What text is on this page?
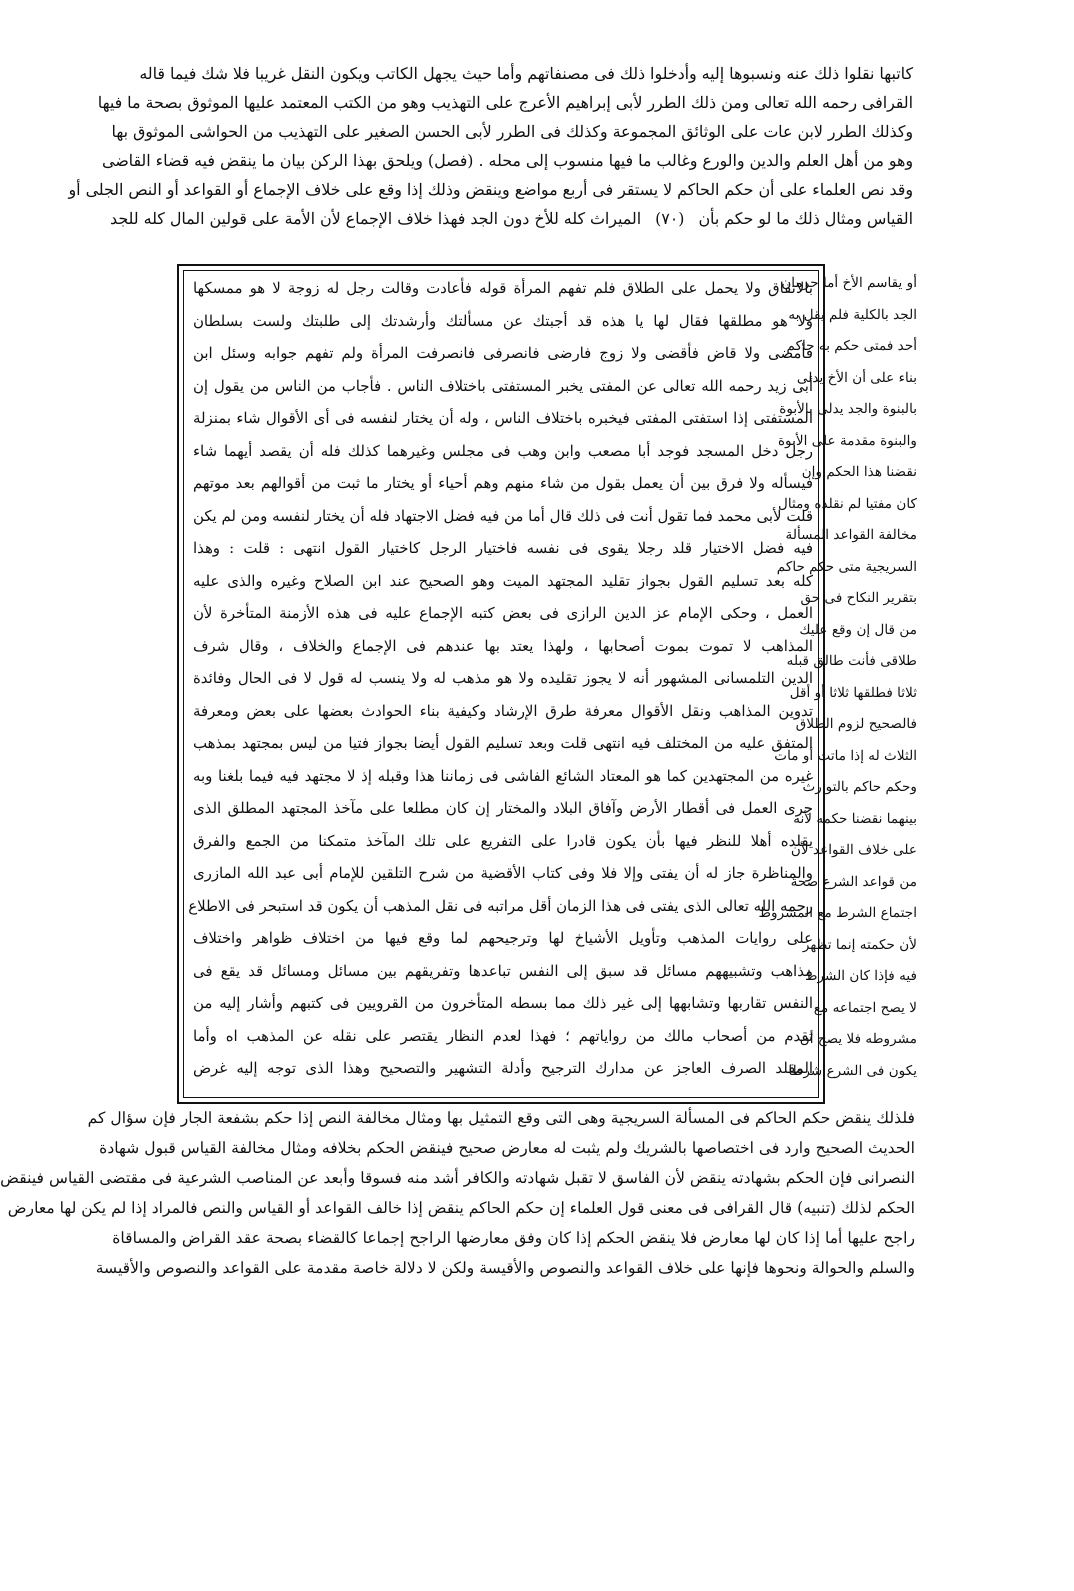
كاتبها نقلوا ذلك عنه ونسبوها إليه وأدخلوا ذلك فى مصنفاتهم وأما حيث يجهل الكاتب ويكون النقل غريبا فلا شك فيما قاله
القرافى رحمه الله تعالى ومن ذلك الطرر لأبى إبراهيم الأعرج على التهذيب وهو من الكتب المعتمد عليها الموثوق بصحة ما فيها
وكذلك الطرر لابن عات على الوثائق المجموعة وكذلك فى الطرر لأبى الحسن الصغير على التهذيب من الحواشى الموثوق بها
وهو من أهل العلم والدين والورع وغالب ما فيها منسوب إلى محله . (فصل) ويلحق بهذا الركن بيان ما ينقض فيه قضاء القاضى
وقد نص العلماء على أن حكم الحاكم لا يستقر فى أربع مواضع وينقض وذلك إذا وقع على خلاف الإجماع أو القواعد أو النص الجلى أو
القياس ومثال ذلك ما لو حكم بأن(٧٠)الميراث كله للأخ دون الجد فهذا خلاف الإجماع لأن الأمة على قولين المال كله للجد
أو يقاسم الأخ أما حرمان
الجد بالكلية فلم يقل به
أحد فمتى حكم به حاكم
بناء على أن الأخ يدلى
بالبنوة والجد يدلى بالأبوة
والبنوة مقدمة على الأبوة
نقضنا هذا الحكم وإن
كان مفتيا لم نقلده ومثال
مخالفة القواعد المسألة
السريجية متى حكم حاكم
بتقرير النكاح فى حق
من قال إن وقع عليك
طلاقى فأنت طالق قبله
ثلاثا فطلقها ثلاثا أو أقل
فالصحيح لزوم الطلاق
الثلاث له إذا ماتت أو مات
وحكم حاكم بالتوارث
بينهما نقضنا حكمه لأنه
على خلاف القواعد لأن
من قواعد الشرع صحة
اجتماع الشرط مع المشروط
لأن حكمته إنما تظهر
فيه فإذا كان الشرط
لا يصح اجتماعه مع
مشروطه فلا يصح أن
يكون فى الشرع شرطا
بالاتفاق ولا يحمل على الطلاق فلم تفهم المرأة قوله فأعادت وقالت رجل له زوجة لا هو ممسكها
ولا هو مطلقها فقال لها يا هذه قد أجبتك عن مسألتك وأرشدتك إلى طلبتك ولست بسلطان
فأمضى ولا قاض فأقضى ولا زوج فارضى فانصرفى فانصرفت المرأة ولم تفهم جوابه وسئل ابن
أبى زيد رحمه الله تعالى عن المفتى يخبر المستفتى باختلاف الناس . فأجاب من الناس من يقول إن
المستفتى إذا استفتى المفتى فيخبره باختلاف الناس ، وله أن يختار لنفسه فى أى الأقوال شاء بمنزلة
رجل دخل المسجد فوجد أبا مصعب وابن وهب فى مجلس وغيرهما كذلك فله أن يقصد أيهما شاء
فيسأله ولا فرق بين أن يعمل بقول من شاء منهم وهم أحياء أو يختار ما ثبت من أقوالهم بعد موتهم
قلت لأبى محمد فما تقول أنت فى ذلك قال أما من فيه فضل الاجتهاد فله أن يختار لنفسه ومن لم يكن
فيه فضل الاختيار قلد رجلا يقوى فى نفسه فاختيار الرجل كاختيار القول انتهى : قلت : وهذا
كله بعد تسليم القول بجواز تقليد المجتهد الميت وهو الصحيح عند ابن الصلاح وغيره والذى عليه
العمل ، وحكى الإمام عز الدين الرازى فى بعض كتبه الإجماع عليه فى هذه الأزمنة المتأخرة لأن
المذاهب لا تموت بموت أصحابها ، ولهذا يعتد بها عندهم فى الإجماع والخلاف ، وقال شرف
الدين التلمسانى المشهور أنه لا يجوز تقليده ولا هو مذهب له ولا ينسب له قول لا فى الحال وفائدة
تدوين المذاهب ونقل الأقوال معرفة طرق الإرشاد وكيفية بناء الحوادث بعضها على بعض ومعرفة
المتفق عليه من المختلف فيه انتهى قلت وبعد تسليم القول أيضا بجواز فتيا من ليس بمجتهد بمذهب
غيره من المجتهدين كما هو المعتاد الشائع الفاشى فى زماننا هذا وقبله إذ لا مجتهد فيه فيما بلغنا وبه
جرى العمل فى أقطار الأرض وآفاق البلاد والمختار إن كان مطلعا على مآخذ المجتهد المطلق الذى
يقلده أهلا للنظر فيها بأن يكون قادرا على التفريع على تلك المآخذ متمكنا من الجمع والفرق
والمناظرة جاز له أن يفتى وإلا فلا وفى كتاب الأقضية من شرح التلقين للإمام أبى عبد الله المازرى
رحمه الله تعالى الذى يفتى فى هذا الزمان أقل مراتبه فى نقل المذهب أن يكون قد استبحر فى الاطلاع
على روايات المذهب وتأويل الأشياخ لها وترجيحهم لما وقع فيها من اختلاف ظواهر واختلاف
مذاهب وتشبيههم مسائل قد سبق إلى النفس تباعدها وتفريقهم بين مسائل ومسائل قد يقع فى
النفس تقاربها وتشابهها إلى غير ذلك مما بسطه المتأخرون من القرويين فى كتبهم وأشار إليه من
تقدم من أصحاب مالك من رواياتهم ؛ فهذا لعدم النظار يقتصر على نقله عن المذهب اه وأما
المقلد الصرف العاجز عن مدارك الترجيح وأدلة التشهير والتصحيح وهذا الذى توجه إليه غرض
فلذلك ينقض حكم الحاكم فى المسألة السريجية وهى التى وقع التمثيل بها ومثال مخالفة النص إذا حكم بشفعة الجار فإن سؤال كم
الحديث الصحيح وارد فى اختصاصها بالشريك ولم يثبت له معارض صحيح فينقض الحكم بخلافه ومثال مخالفة القياس قبول شهادة
النصرانى فإن الحكم بشهادته ينقض لأن الفاسق لا تقبل شهادته والكافر أشد منه فسوقا وأبعد عن المناصب الشرعية فى مقتضى القياس فينقض
الحكم لذلك (تنبيه) قال القرافى فى معنى قول العلماء إن حكم الحاكم ينقض إذا خالف القواعد أو القياس والنص فالمراد إذا لم يكن لها معارض
راجح عليها أما إذا كان لها معارض فلا ينقض الحكم إذا كان وفق معارضها الراجح إجماعا كالقضاء بصحة عقد القراض والمساقاة
والسلم والحوالة ونحوها فإنها على خلاف القواعد والنصوص والأقيسة ولكن لا دلالة خاصة مقدمة على القواعد والنصوص والأقيسة
